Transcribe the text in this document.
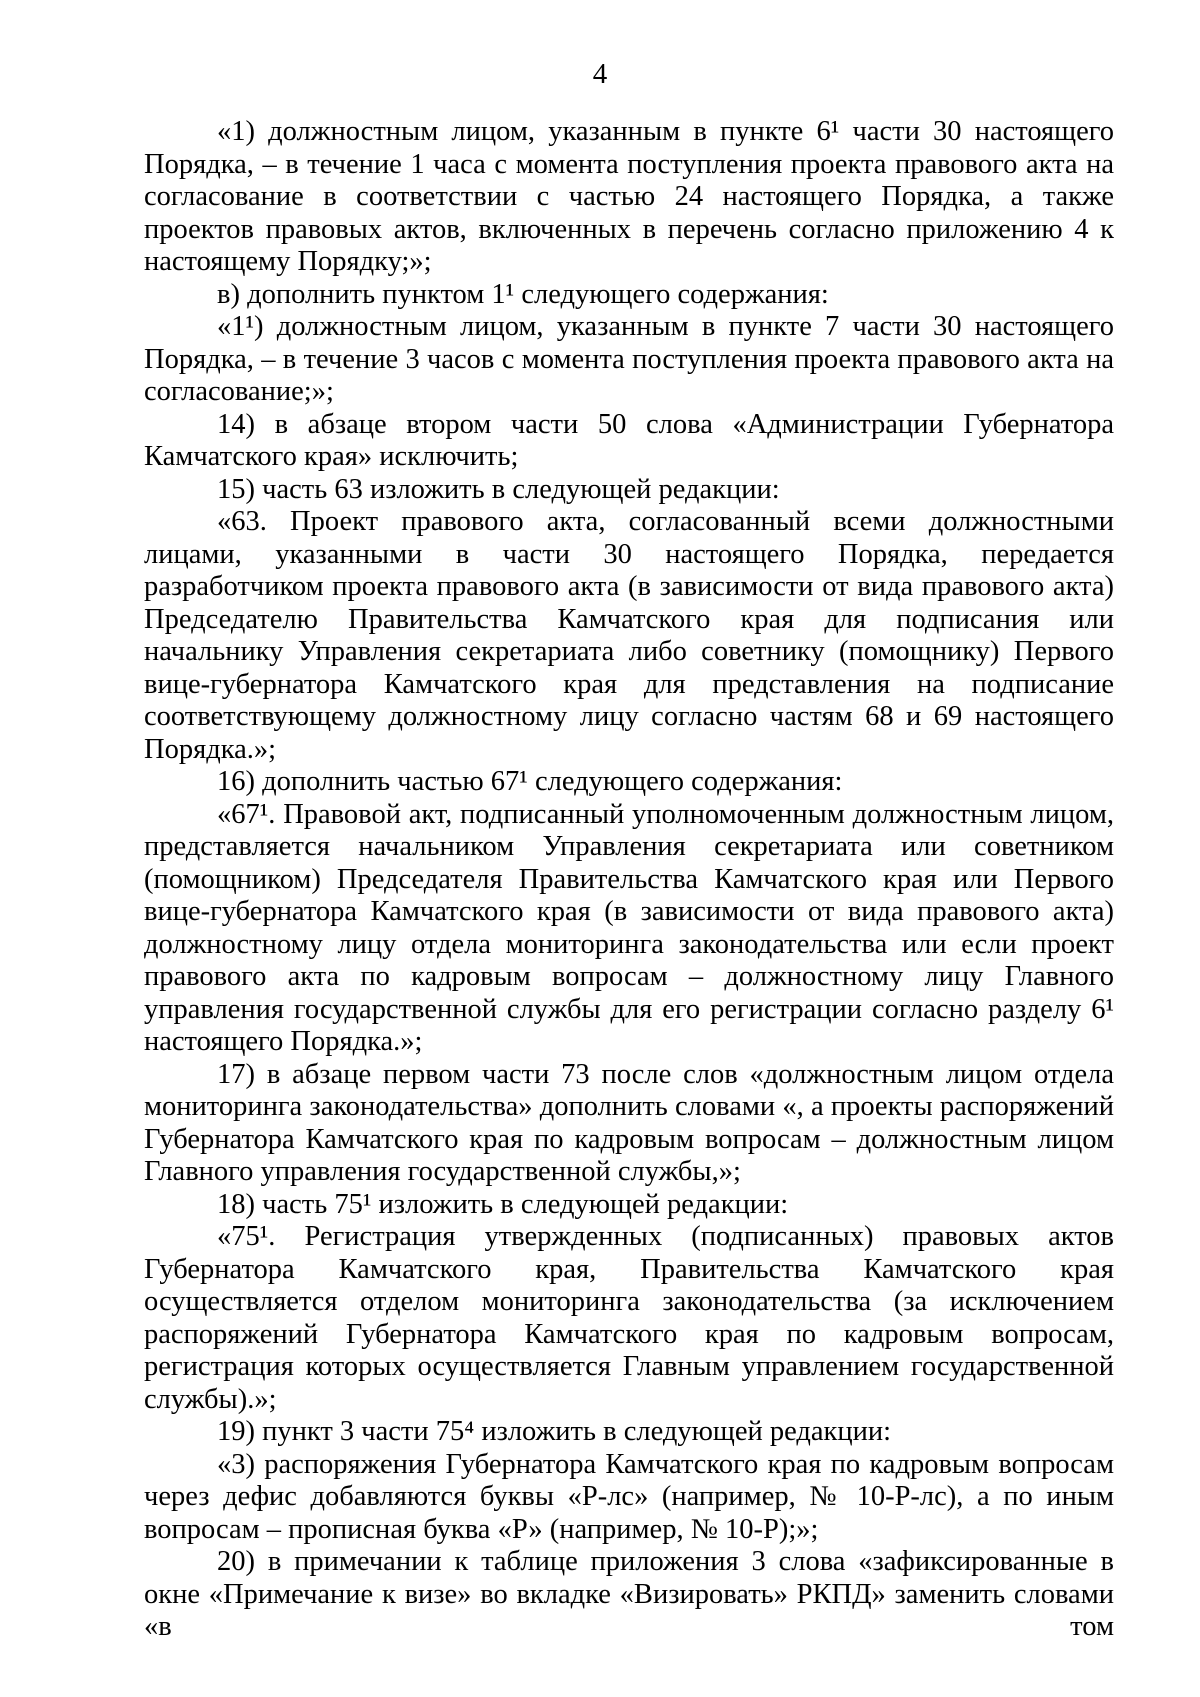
4

«1) должностным лицом, указанным в пункте 6¹ части 30 настоящего Порядка, – в течение 1 часа с момента поступления проекта правового акта на согласование в соответствии с частью 24 настоящего Порядка, а также проектов правовых актов, включенных в перечень согласно приложению 4 к настоящему Порядку;»;

в) дополнить пунктом 1¹ следующего содержания:

«1¹) должностным лицом, указанным в пункте 7 части 30 настоящего Порядка, – в течение 3 часов с момента поступления проекта правового акта на согласование;»;

14) в абзаце втором части 50 слова «Администрации Губернатора Камчатского края» исключить;

15) часть 63 изложить в следующей редакции:

«63. Проект правового акта, согласованный всеми должностными лицами, указанными в части 30 настоящего Порядка, передается разработчиком проекта правового акта (в зависимости от вида правового акта) Председателю Правительства Камчатского края для подписания или начальнику Управления секретариата либо советнику (помощнику) Первого вице-губернатора Камчатского края для представления на подписание соответствующему должностному лицу согласно частям 68 и 69 настоящего Порядка.»;

16) дополнить частью 67¹ следующего содержания:

«67¹. Правовой акт, подписанный уполномоченным должностным лицом, представляется начальником Управления секретариата или советником (помощником) Председателя Правительства Камчатского края или Первого вице-губернатора Камчатского края (в зависимости от вида правового акта) должностному лицу отдела мониторинга законодательства или если проект правового акта по кадровым вопросам – должностному лицу Главного управления государственной службы для его регистрации согласно разделу 6¹ настоящего Порядка.»;

17) в абзаце первом части 73 после слов «должностным лицом отдела мониторинга законодательства» дополнить словами «, а проекты распоряжений Губернатора Камчатского края по кадровым вопросам – должностным лицом Главного управления государственной службы,»;

18) часть 75¹ изложить в следующей редакции:

«75¹. Регистрация утвержденных (подписанных) правовых актов Губернатора Камчатского края, Правительства Камчатского края осуществляется отделом мониторинга законодательства (за исключением распоряжений Губернатора Камчатского края по кадровым вопросам, регистрация которых осуществляется Главным управлением государственной службы).»;

19) пункт 3 части 75⁴ изложить в следующей редакции:

«3) распоряжения Губернатора Камчатского края по кадровым вопросам через дефис добавляются буквы «Р-лс» (например, № 10-Р-лс), а по иным вопросам – прописная буква «Р» (например, № 10-Р);»;

20) в примечании к таблице приложения 3 слова «зафиксированные в окне «Примечание к визе» во вкладке «Визировать» РКПД» заменить словами «в том
